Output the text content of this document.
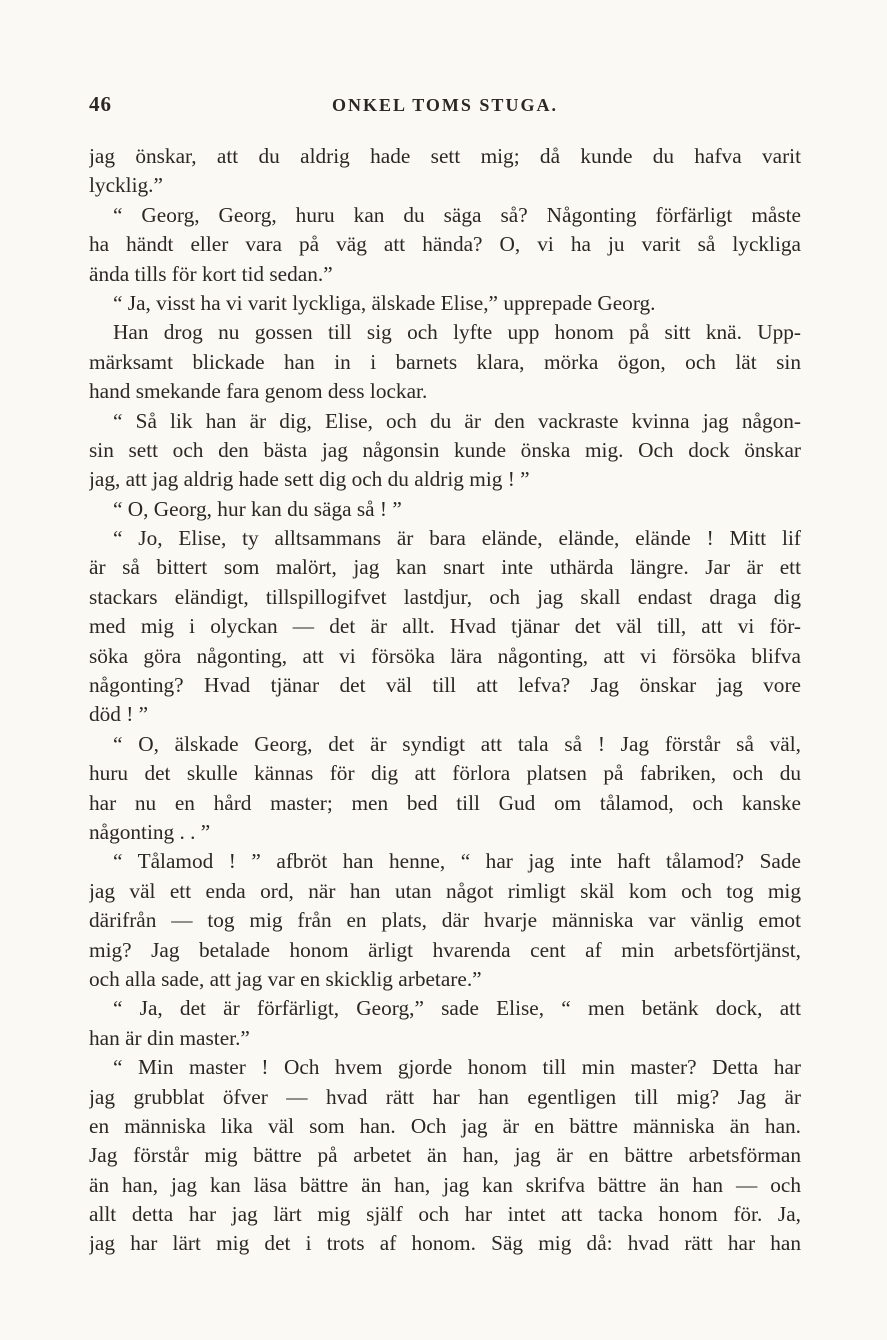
46	ONKEL TOMS STUGA.
jag önskar, att du aldrig hade sett mig; då kunde du hafva varit
lycklig.”
“ Georg, Georg, huru kan du säga så? Någonting förfärligt måste
ha händt eller vara på väg att hända? O, vi ha ju varit så lyckliga
ända tills för kort tid sedan.”
“ Ja, visst ha vi varit lyckliga, älskade Elise,” upprepade Georg.
Han drog nu gossen till sig och lyfte upp honom på sitt knä. Upp-
märksamt blickade han in i barnets klara, mörka ögon, och lät sin
hand smekande fara genom dess lockar.
“ Så lik han är dig, Elise, och du är den vackraste kvinna jag någon-
sin sett och den bästa jag någonsin kunde önska mig. Och dock önskar
jag, att jag aldrig hade sett dig och du aldrig mig ! ”
“ O, Georg, hur kan du säga så ! ”
“ Jo, Elise, ty alltsammans är bara elände, elände, elände ! Mitt lif
är så bittert som malört, jag kan snart inte uthärda längre. Jar är ett
stackars eländigt, tillspillogifvet lastdjur, och jag skall endast draga dig
med mig i olyckan — det är allt. Hvad tjänar det väl till, att vi för-
söka göra någonting, att vi försöka lära någonting, att vi försöka blifva
någonting? Hvad tjänar det väl till att lefva? Jag önskar jag vore
död ! ”
“ O, älskade Georg, det är syndigt att tala så ! Jag förstår så väl,
huru det skulle kännas för dig att förlora platsen på fabriken, och du
har nu en hård master; men bed till Gud om tålamod, och kanske
någonting . . ”
“ Tålamod ! ” afbröt han henne, “ har jag inte haft tålamod? Sade
jag väl ett enda ord, när han utan något rimligt skäl kom och tog mig
därifrån — tog mig från en plats, där hvarje människa var vänlig emot
mig? Jag betalade honom ärligt hvarenda cent af min arbetsförtjänst,
och alla sade, att jag var en skicklig arbetare.”
“ Ja, det är förfärligt, Georg,” sade Elise, “ men betänk dock, att
han är din master.”
“ Min master ! Och hvem gjorde honom till min master? Detta har
jag grubblat öfver — hvad rätt har han egentligen till mig? Jag är
en människa lika väl som han. Och jag är en bättre människa än han.
Jag förstår mig bättre på arbetet än han, jag är en bättre arbetsförman
än han, jag kan läsa bättre än han, jag kan skrifva bättre än han — och
allt detta har jag lärt mig själf och har intet att tacka honom för. Ja,
jag har lärt mig det i trots af honom. Säg mig då: hvad rätt har han
